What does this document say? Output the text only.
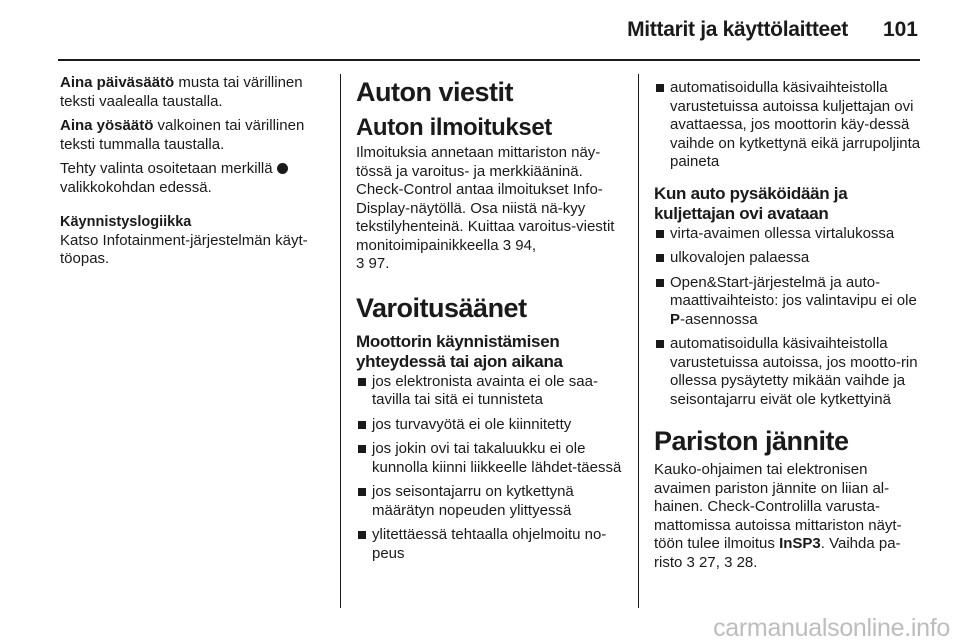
Mittarit ja käyttölaitteet	101

Aina päiväsäätö musta tai värillinen teksti vaalealla taustalla.

Aina yösäätö valkoinen tai värillinen teksti tummalla taustalla.

Tehty valinta osoitetaan merkillä  valikkokohdan edessä.

Käynnistyslogiikka

Katso Infotainment-järjestelmän käyt-töopas.

Auton viestit
Auton ilmoitukset

Ilmoituksia annetaan mittariston näy-tössä ja varoitus- ja merkkiääninä. Check-Control antaa ilmoitukset Info-Display-näytöllä. Osa niistä nä-kyy tekstilyhenteinä. Kuittaa varoitus-viestit monitoimipainikkeella 3 94,
3 97.

Varoitusäänet
Moottorin käynnistämisen yhteydessä tai ajon aikana
jos elektronista avainta ei ole saa-tavilla tai sitä ei tunnisteta
jos turvavyötä ei ole kiinnitetty
jos jokin ovi tai takaluukku ei ole kunnolla kiinni liikkeelle lähdet-täessä
jos seisontajarru on kytkettynä määrätyn nopeuden ylittyessä
ylitettäessä tehtaalla ohjelmoitu no-peus
automatisoidulla käsivaihteistolla varustetuissa autoissa kuljettajan ovi avattaessa, jos moottorin käy-dessä vaihde on kytkettynä eikä jarrupoljinta paineta
Kun auto pysäköidään ja kuljettajan ovi avataan
virta-avaimen ollessa virtalukossa
ulkovalojen palaessa
Open&Start-järjestelmä ja auto-maattivaihteisto: jos valintavipu ei ole P-asennossa
automatisoidulla käsivaihteistolla varustetuissa autoissa, jos mootto-rin ollessa pysäytetty mikään vaihde ja seisontajarru eivät ole kytkettyinä
Pariston jännite

Kauko-ohjaimen tai elektronisen avaimen pariston jännite on liian al-hainen. Check-Controlilla varusta-mattomissa autoissa mittariston näyt-töön tulee ilmoitus InSP3. Vaihda pa-risto 3 27, 3 28.

carmanualsonline.info
